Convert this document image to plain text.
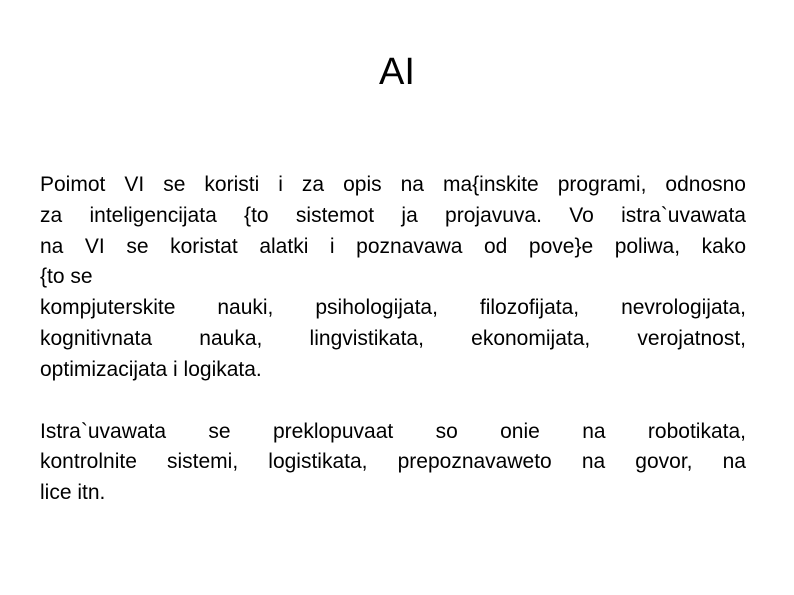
AI

Poimot VI se koristi i za opis na ma{inskite programi, odnosno
za inteligencijata {to sistemot ja projavuva. Vo istra`uvawata
na VI se koristat alatki i poznavawa od pove}e poliwa, kako
{to se
kompjuterskite nauki, psihologijata, filozofijata, nevrologijata,
kognitivnata nauka, lingvistikata, ekonomijata, verojatnost,
optimizacijata i logikata.

Istra`uvawata se preklopuvaat so onie na robotikata,
kontrolnite sistemi, logistikata, prepoznavaweto na govor, na
lice itn.
